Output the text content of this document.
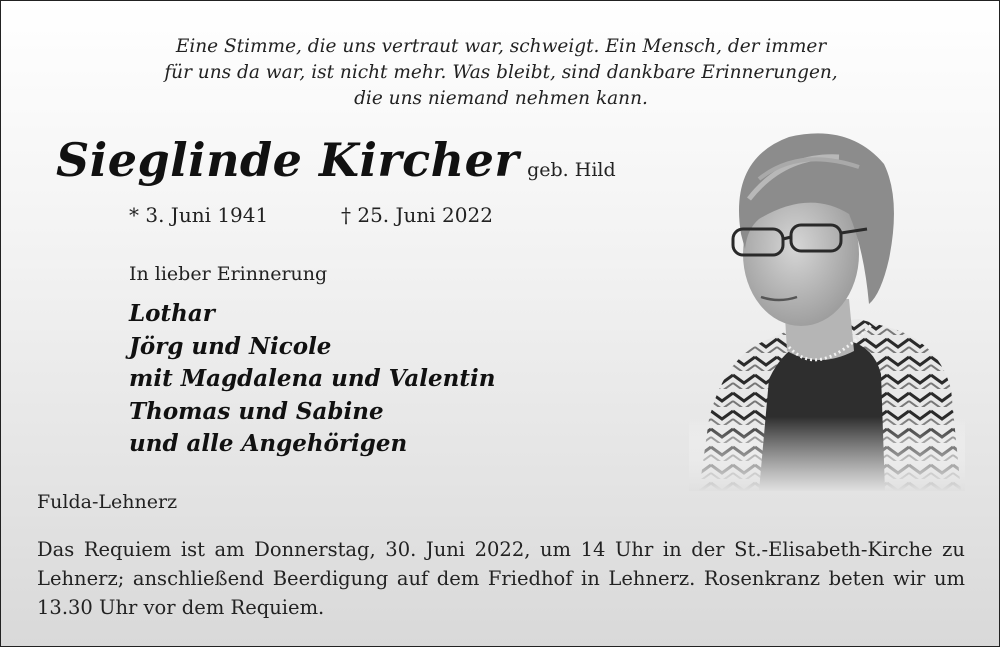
Eine Stimme, die uns vertraut war, schweigt. Ein Mensch, der immer
für uns da war, ist nicht mehr. Was bleibt, sind dankbare Erinnerungen,
die uns niemand nehmen kann.
Sieglinde Kircher geb. Hild
* 3. Juni 1941	† 25. Juni 2022
In lieber Erinnerung
Lothar
Jörg und Nicole
mit Magdalena und Valentin
Thomas und Sabine
und alle Angehörigen
Fulda-Lehnerz
Das Requiem ist am Donnerstag, 30. Juni 2022, um 14 Uhr in der St.-Elisabeth-Kirche zu Lehnerz; anschließend Beerdigung auf dem Friedhof in Lehnerz. Rosenkranz beten wir um 13.30 Uhr vor dem Requiem.
